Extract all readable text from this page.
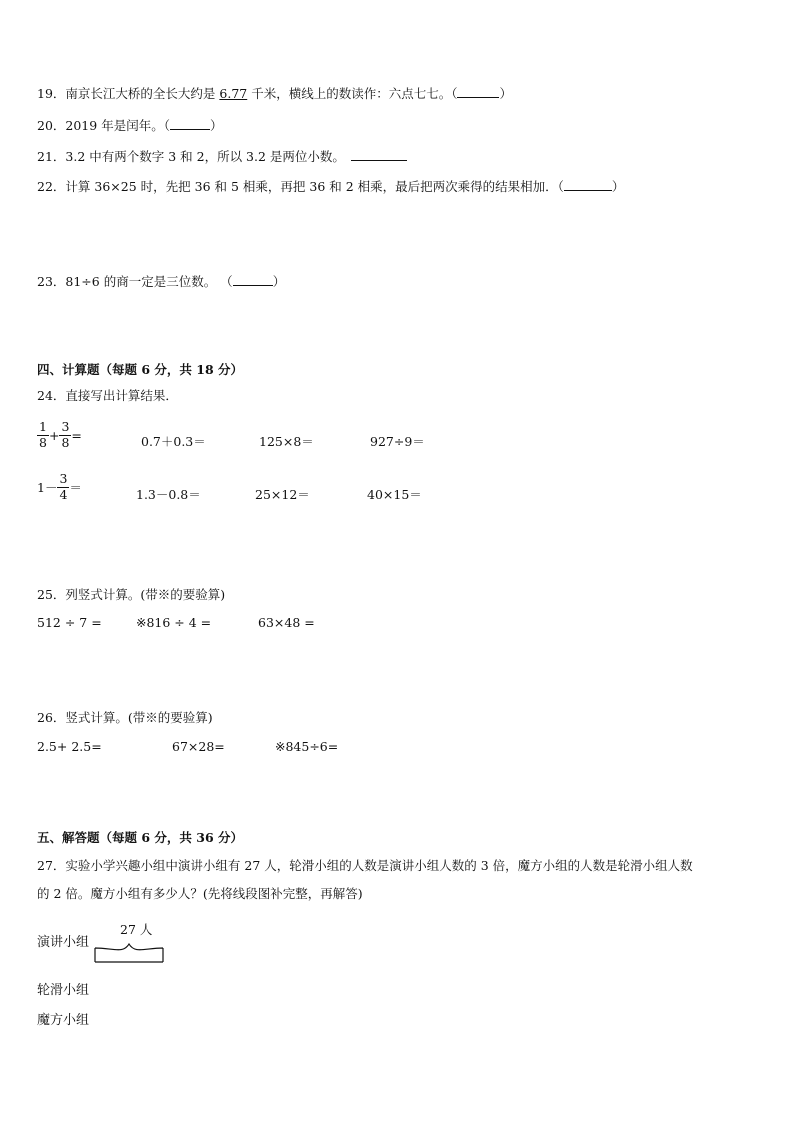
19．南京长江大桥的全长大约是 6.77 千米，横线上的数读作：六点七七。（	）
20．2019 年是闰年。（	）
21．3.2 中有两个数字 3 和 2，所以 3.2 是两位小数。
22．计算 36×25 时，先把 36 和 5 相乘，再把 36 和 2 相乘，最后把两次乘得的结果相加．（	）
23．81÷6 的商一定是三位数。 （	）
四、计算题（每题 6 分，共 18 分）
24．直接写出计算结果．
$\frac{1}{8} + \frac{3}{8}$ =	0.7＋0.3＝	125×8＝	927÷9＝
$1- \frac{3}{4}$ ＝	1.3－0.8＝	25×12＝	40×15＝
25．列竖式计算。(带※的要验算)
512 ÷ 7 =	※816 ÷ 4 =	63×48 =
26．竖式计算。(带※的要验算)
2.5+ 2.5=	67×28=	※845÷6=
五、解答题（每题 6 分，共 36 分）
27．实验小学兴趣小组中演讲小组有 27 人，轮滑小组的人数是演讲小组人数的 3 倍，魔方小组的人数是轮滑小组人数
的 2 倍。魔方小组有多少人？(先将线段图补完整，再解答)
27 人
演讲小组
轮滑小组
魔方小组
